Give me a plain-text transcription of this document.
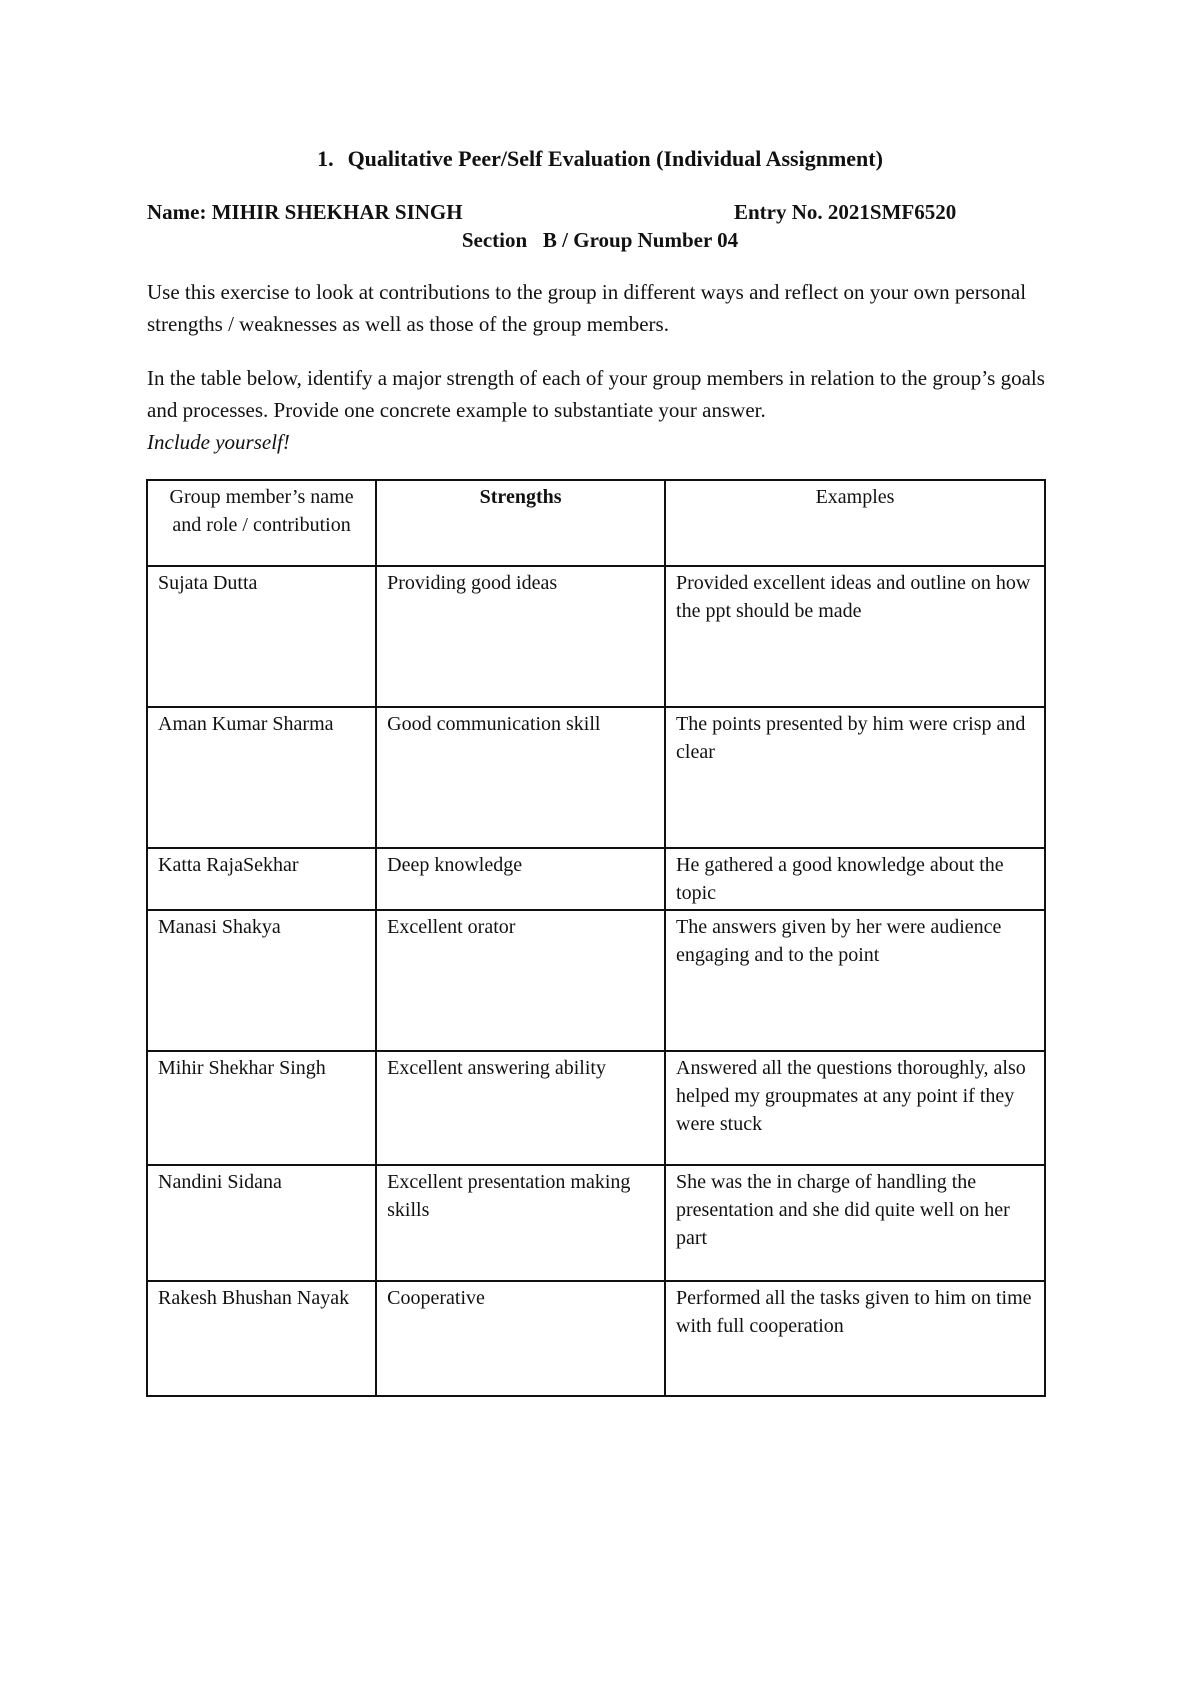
1. Qualitative Peer/Self Evaluation (Individual Assignment)
Name: MIHIR SHEKHAR SINGH	Entry No. 2021SMF6520
Section   B / Group Number 04
Use this exercise to look at contributions to the group in different ways and reflect on your own personal strengths / weaknesses as well as those of the group members.
In the table below, identify a major strength of each of your group members in relation to the group’s goals and processes. Provide one concrete example to substantiate your answer.
Include yourself!
Group member’s name and role / contribution	Strengths	Examples
Sujata Dutta	Providing good ideas	Provided excellent ideas and outline on how the ppt should be made
Aman Kumar Sharma	Good communication skill	The points presented by him were crisp and clear
Katta RajaSekhar	Deep knowledge	He gathered a good knowledge about the topic
Manasi Shakya	Excellent orator	The answers given by her were audience engaging and to the point
Mihir Shekhar Singh	Excellent answering ability	Answered all the questions thoroughly, also helped my groupmates at any point if they were stuck
Nandini Sidana	Excellent presentation making skills	She was the in charge of handling the presentation and she did quite well on her part
Rakesh Bhushan Nayak	Cooperative	Performed all the tasks given to him on time with full cooperation
